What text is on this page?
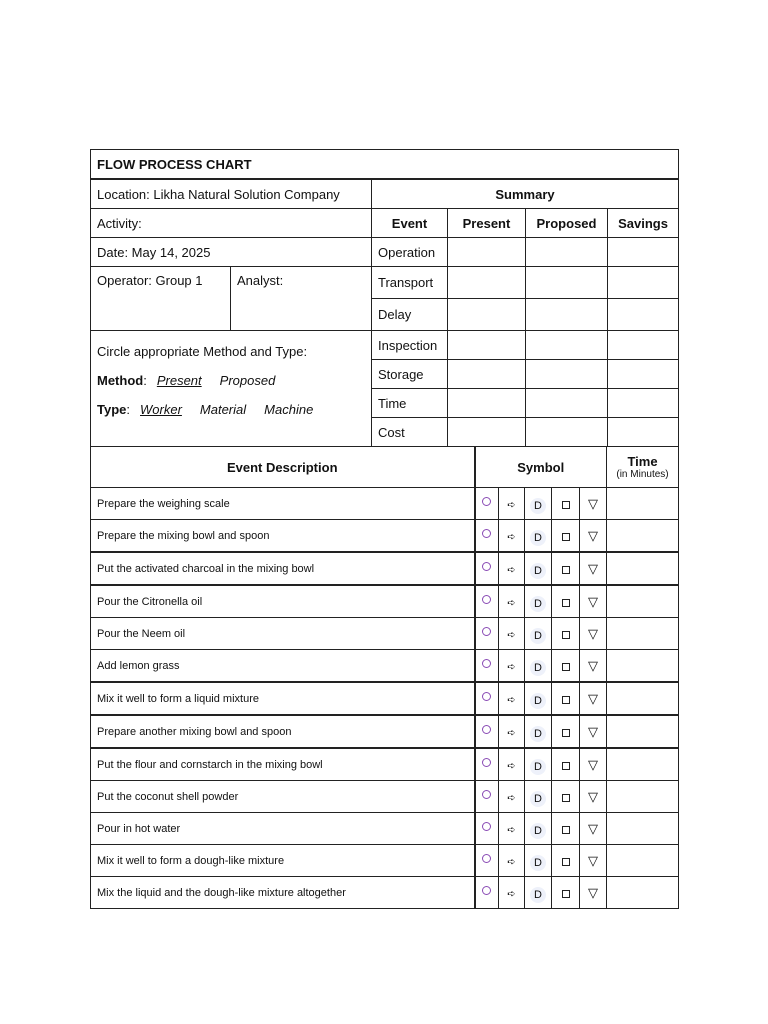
FLOW PROCESS CHART					
Location: Likha Natural Solution Company		Summary			
Activity:		Event	Present	Proposed	Savings
Date: May 14, 2025		Operation			
Operator: Group 1	Analyst:	Transport			
		Delay			

Circle appropriate Method and Type:
Method: Present Proposed
Type: Worker Material Machine		Inspection			
		Storage			
		Time			
		Cost			
Event Description	Symbol					Time
(in Minutes)

Prepare the weighing scale		➪	D		▽	
Prepare the mixing bowl and spoon		➪	D		▽	
Put the activated charcoal in the mixing bowl		➪	D		▽	
Pour the Citronella oil		➪	D		▽	
Pour the Neem oil		➪	D		▽	
Add lemon grass		➪	D		▽	
Mix it well to form a liquid mixture		➪	D		▽	
Prepare another mixing bowl and spoon		➪	D		▽	
Put the flour and cornstarch in the mixing bowl		➪	D		▽	
Put the coconut shell powder		➪	D		▽	
Pour in hot water		➪	D		▽	
Mix it well to form a dough-like mixture		➪	D		▽	
Mix the liquid and the dough-like mixture altogether		➪	D		▽	
